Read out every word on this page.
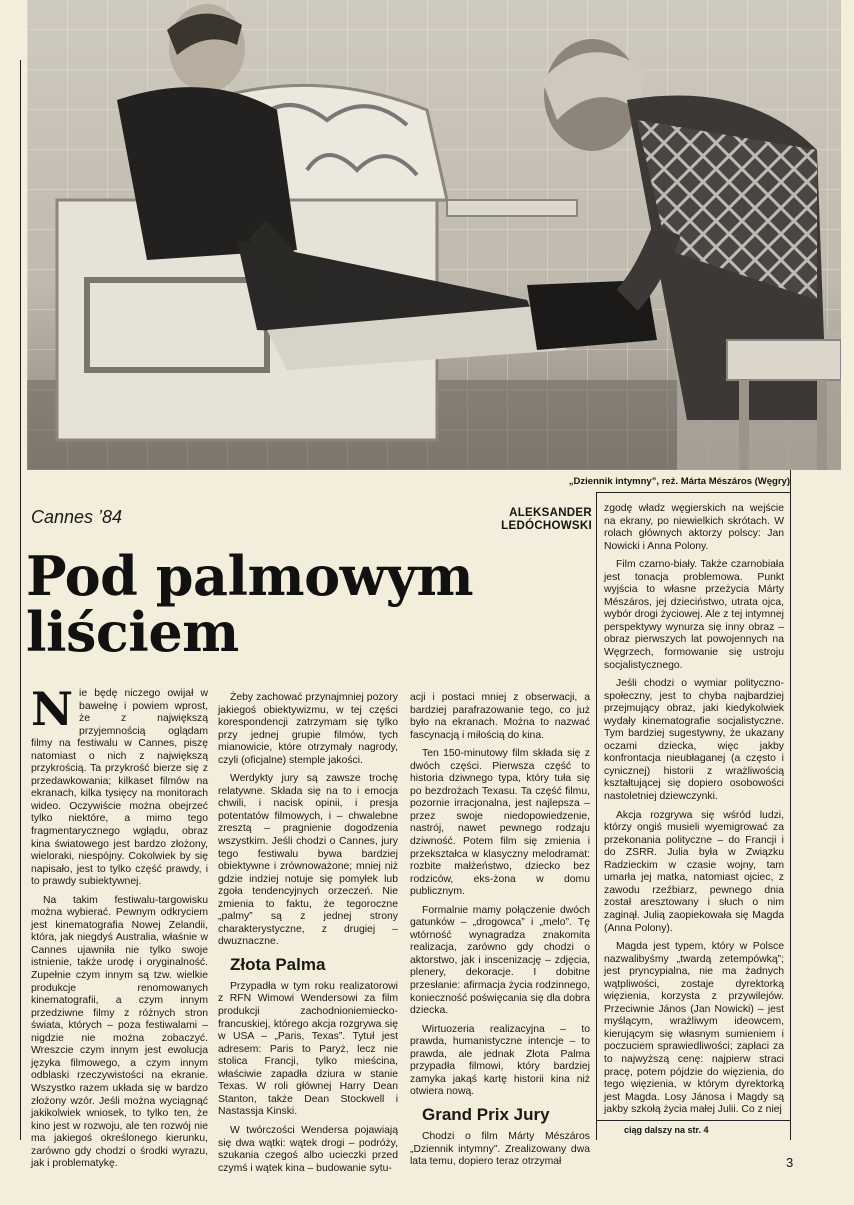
„Dziennik intymny”, reż. Márta Mészáros (Węgry)
Cannes ’84	ALEKSANDER
LEDÓCHOWSKI
Pod palmowym
liściem

Nie będę niczego owijał w bawełnę i powiem wprost, że z największą przyjemnością oglądam filmy na festiwalu w Cannes, piszę natomiast o nich z największą przykrością. Ta przykrość bierze się z przedawkowania; kilkaset filmów na ekranach, kilka tysięcy na monitorach wideo. Oczywiście można obejrzeć tylko niektóre, a mimo tego fragmentarycznego wglądu, obraz kina światowego jest bardzo złożony, wieloraki, niespójny. Cokolwiek by się napisało, jest to tylko część prawdy, i to prawdy subiektywnej.

Na takim festiwalu-targowisku można wybierać. Pewnym odkryciem jest kinematografia Nowej Zelandii, która, jak niegdyś Australia, właśnie w Cannes ujawniła nie tylko swoje istnienie, także urodę i oryginalność. Zupełnie czym innym są tzw. wielkie produkcje renomowanych kinematografii, a czym innym przedziwne filmy z różnych stron świata, których – poza festiwalami – nigdzie nie można zobaczyć. Wreszcie czym innym jest ewolucja języka filmowego, a czym innym odblaski rzeczywistości na ekranie. Wszystko razem układa się w bardzo złożony wzór. Jeśli można wyciągnąć jakikolwiek wniosek, to tylko ten, że kino jest w rozwoju, ale ten rozwój nie ma jakiegoś określonego kierunku, zarówno gdy chodzi o środki wyrazu, jak i problematykę.

Żeby zachować przynajmniej pozory jakiegoś obiektywizmu, w tej części korespondencji zatrzymam się tylko przy jednej grupie filmów, tych mianowicie, które otrzymały nagrody, czyli (oficjalne) stemple jakości.

Werdykty jury są zawsze trochę relatywne. Składa się na to i emocja chwili, i nacisk opinii, i presja potentatów filmowych, i – chwalebne zresztą – pragnienie dogodzenia wszystkim. Jeśli chodzi o Cannes, jury tego festiwalu bywa bardziej obiektywne i zrównoważone; mniej niż gdzie indziej notuje się pomyłek lub zgoła tendencyjnych orzeczeń. Nie zmienia to faktu, że tegoroczne „palmy” są z jednej strony charakterystyczne, z drugiej – dwuznaczne.

Złota Palma

Przypadła w tym roku realizatorowi z RFN Wimowi Wendersowi za film produkcji zachodnioniemiecko-francuskiej, którego akcja rozgrywa się w USA – „Paris, Texas”. Tytuł jest adresem: Paris to Paryż, lecz nie stolica Francji, tylko mieścina, właściwie zapadła dziura w stanie Texas. W roli głównej Harry Dean Stanton, także Dean Stockwell i Nastassja Kinski.

W twórczości Wendersa pojawiają się dwa wątki: wątek drogi – podróży, szukania czegoś albo ucieczki przed czymś i wątek kina – budowanie sytu-

acji i postaci mniej z obserwacji, a bardziej parafrazowanie tego, co już było na ekranach. Można to nazwać fascynacją i miłością do kina.

Ten 150-minutowy film składa się z dwóch części. Pierwsza część to historia dziwnego typa, który tuła się po bezdrożach Texasu. Ta część filmu, pozornie irracjonalna, jest najlepsza – przez swoje niedopowiedzenie, nastrój, nawet pewnego rodzaju dziwność. Potem film się zmienia i przekształca w klasyczny melodramat: rozbite małżeństwo, dziecko bez rodziców, eks-żona w domu publicznym.

Formalnie mamy połączenie dwóch gatunków – „drogowca” i „melo”. Tę wtórność wynagradza znakomita realizacja, zarówno gdy chodzi o aktorstwo, jak i inscenizację – zdjęcia, plenery, dekoracje. I dobitne przesłanie: afirmacja życia rodzinnego, konieczność poświęcania się dla dobra dziecka.

Wirtuozeria realizacyjna – to prawda, humanistyczne intencje – to prawda, ale jednak Złota Palma przypadła filmowi, który bardziej zamyka jakąś kartę historii kina niż otwiera nową.

Grand Prix Jury

Chodzi o film Márty Mészáros „Dziennik intymny”. Zrealizowany dwa lata temu, dopiero teraz otrzymał

zgodę władz węgierskich na wejście na ekrany, po niewielkich skrótach. W rolach głównych aktorzy polscy: Jan Nowicki i Anna Polony.

Film czarno-biały. Także czarnobiała jest tonacja problemowa. Punkt wyjścia to własne przeżycia Márty Mészáros, jej dzieciństwo, utrata ojca, wybór drogi życiowej. Ale z tej intymnej perspektywy wynurza się inny obraz – obraz pierwszych lat powojennych na Węgrzech, formowanie się ustroju socjalistycznego.

Jeśli chodzi o wymiar polityczno-społeczny, jest to chyba najbardziej przejmujący obraz, jaki kiedykolwiek wydały kinematografie socjalistyczne. Tym bardziej sugestywny, że ukazany oczami dziecka, więc jakby konfrontacja nieubłaganej (a często i cynicznej) historii z wrażliwością kształtującej się dopiero osobowości nastoletniej dziewczynki.

Akcja rozgrywa się wśród ludzi, którzy ongiś musieli wyemigrować za przekonania polityczne – do Francji i do ZSRR. Julia była w Związku Radzieckim w czasie wojny, tam umarła jej matka, natomiast ojciec, z zawodu rzeźbiarz, pewnego dnia został aresztowany i słuch o nim zaginął. Julią zaopiekowała się Magda (Anna Polony).

Magda jest typem, który w Polsce nazwalibyśmy „twardą zetempówką”; jest pryncypialna, nie ma żadnych wątpliwości, zostaje dyrektorką więzienia, korzysta z przywilejów. Przeciwnie János (Jan Nowicki) – jest myślącym, wrażliwym ideowcem, kierującym się własnym sumieniem i poczuciem sprawiedliwości; zapłaci za to najwyższą cenę: najpierw straci pracę, potem pójdzie do więzienia, do tego więzienia, w którym dyrektorką jest Magda. Losy Jánosa i Magdy są jakby szkołą życia małej Julii. Co z niej

ciąg dalszy na str. 4
3
